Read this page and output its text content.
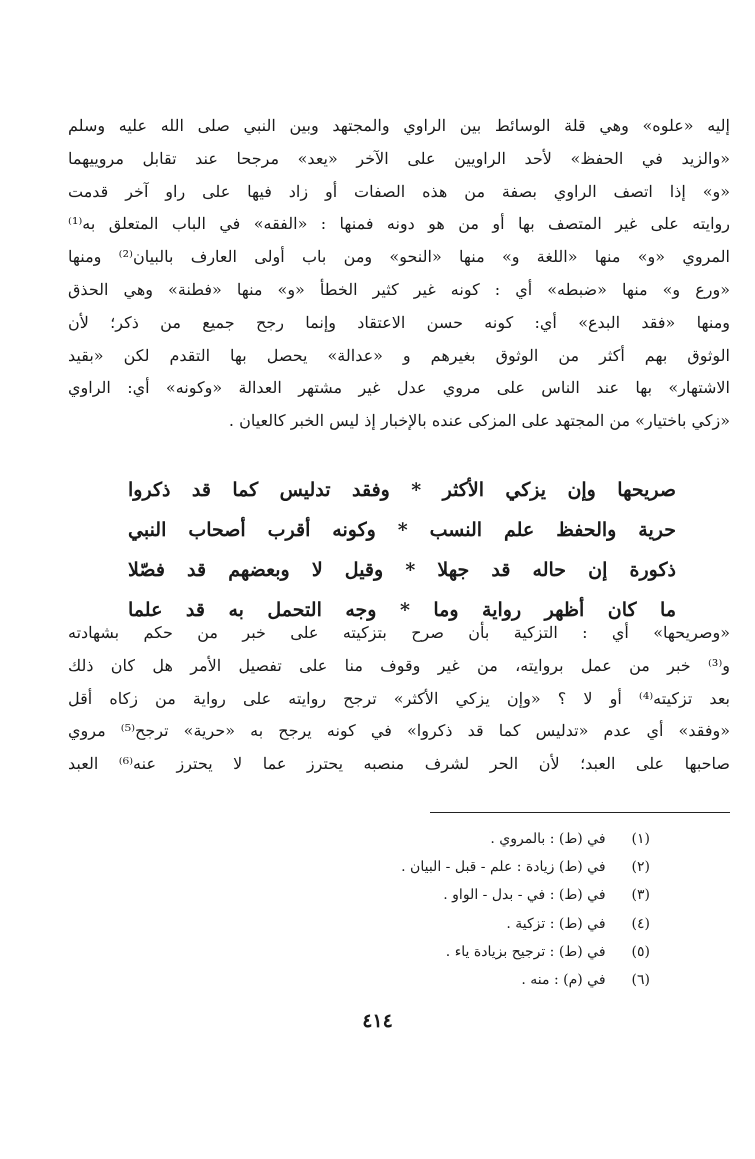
إليه «علوه» وهي قلة الوسائط بين الراوي والمجتهد وبين النبي صلى الله عليه وسلم
«والزيد في الحفظ» لأحد الراويين على الآخر «يعد» مرجحا عند تقابل مروييهما
«و» إذا اتصف الراوي بصفة من هذه الصفات أو زاد فيها على راو آخر قدمت
روايته على غير المتصف بها أو من هو دونه فمنها : «الفقه» في الباب المتعلق به⁽¹⁾
المروي «و» منها «اللغة و» منها «النحو» ومن باب أولى العارف بالبيان⁽²⁾ ومنها
«ورع و» منها «ضبطه» أي : كونه غير كثير الخطأ «و» منها «فطنة» وهي الحذق
ومنها «فقد البدع» أي: كونه حسن الاعتقاد وإنما رجح جميع من ذكر؛ لأن
الوثوق بهم أكثر من الوثوق بغيرهم و «عدالة» يحصل بها التقدم لكن «بقيد
الاشتهار» بها عند الناس على مروي عدل غير مشتهر العدالة «وكونه» أي: الراوي
«زكي باختيار» من المجتهد على المزكى عنده بالإخبار إذ ليس الخبر كالعيان .
صريحها وإن يزكي الأكثر * وفقد تدليس كما قد ذكروا
حرية والحفظ علم النسب * وكونه أقرب أصحاب النبي
ذكورة إن حاله قد جهلا * وقيل لا وبعضهم قد فصّلا
ما كان أظهر رواية وما * وجه التحمل به قد علما
«وصريحها» أي : التزكية بأن صرح بتزكيته على خبر من حكم بشهادته
و⁽³⁾ خبر من عمل بروايته، من غير وقوف منا على تفصيل الأمر هل كان ذلك
بعد تزكيته⁽⁴⁾ أو لا ؟ «وإن يزكي الأكثر» ترجح روايته على رواية من زكاه أقل
«وفقد» أي عدم «تدليس كما قد ذكروا» في كونه يرجح به «حرية» ترجح⁽⁵⁾ مروي
صاحبها على العبد؛ لأن الحر لشرف منصبه يحترز عما لا يحترز عنه⁽⁶⁾ العبد
(١) في (ط) : بالمروي .
(٢) في (ط) زيادة : علم - قبل - البيان .
(٣) في (ط) : في - بدل - الواو .
(٤) في (ط) : تزكية .
(٥) في (ط) : ترجيح بزيادة ياء .
(٦) في (م) : منه .
٤١٤
